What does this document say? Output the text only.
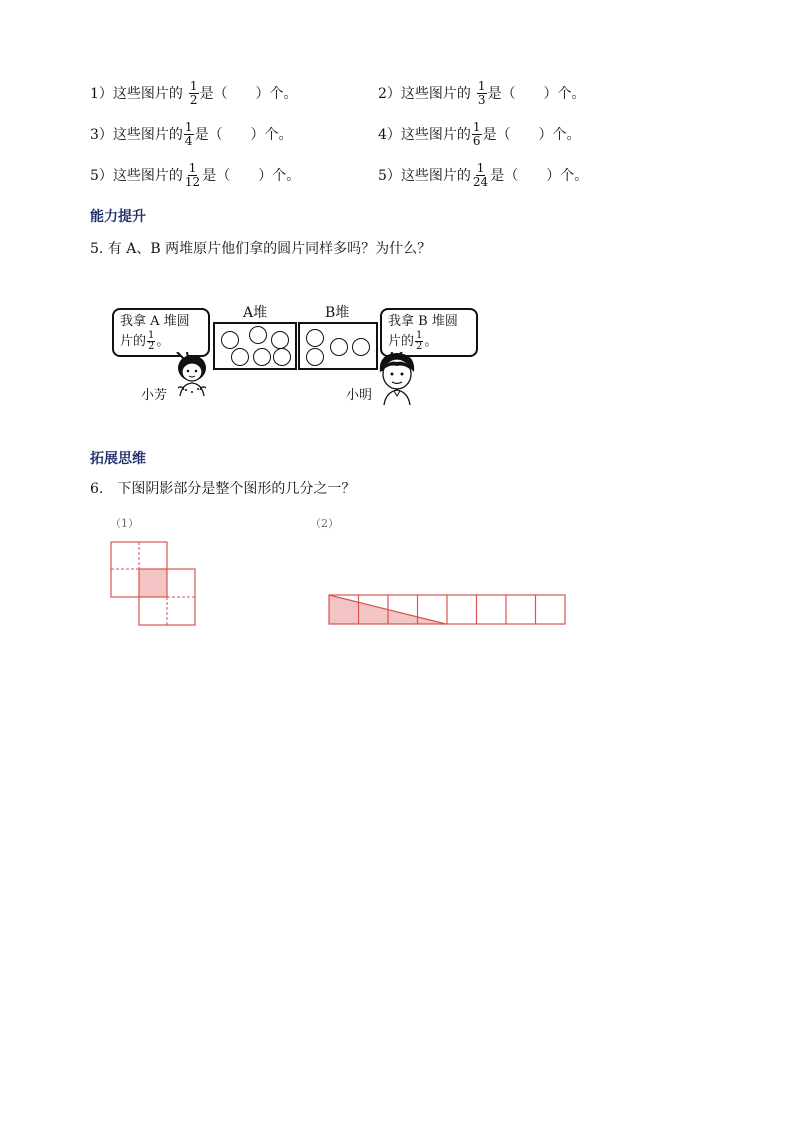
1）这些图片的 $\frac{1}{2}$ 是（　　）个。	2）这些图片的 $\frac{1}{3}$ 是（　　）个。
3）这些图片的 $\frac{1}{4}$ 是（　　）个。	4）这些图片的 $\frac{1}{6}$ 是（　　）个。
5）这些图片的 $\frac{1}{12}$ 是（　　）个。	5）这些图片的 $\frac{1}{24}$ 是（　　）个。
能力提升
5. 有 A、B 两堆原片他们拿的圆片同样多吗？为什么？
我拿 A 堆圆
片的 $\frac{1}{2}$ 。
A堆	B堆
我拿 B 堆圆
片的 $\frac{1}{2}$ 。
小芳	小明
拓展思维
6.　下图阴影部分是整个图形的几分之一？
（1）	（2）
